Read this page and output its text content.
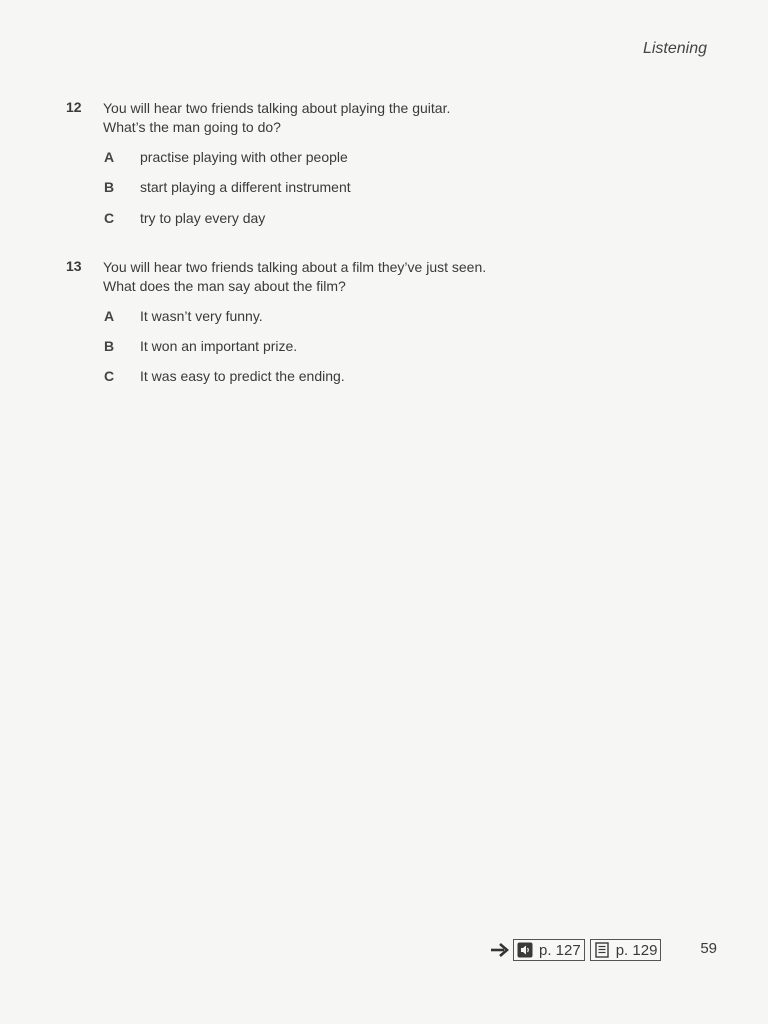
Listening
12 You will hear two friends talking about playing the guitar.
What’s the man going to do?
A	practise playing with other people
B	start playing a different instrument
C	try to play every day
13 You will hear two friends talking about a film they’ve just seen.
What does the man say about the film?
A	It wasn’t very funny.
B	It won an important prize.
C	It was easy to predict the ending.
p. 127 p. 129	59
